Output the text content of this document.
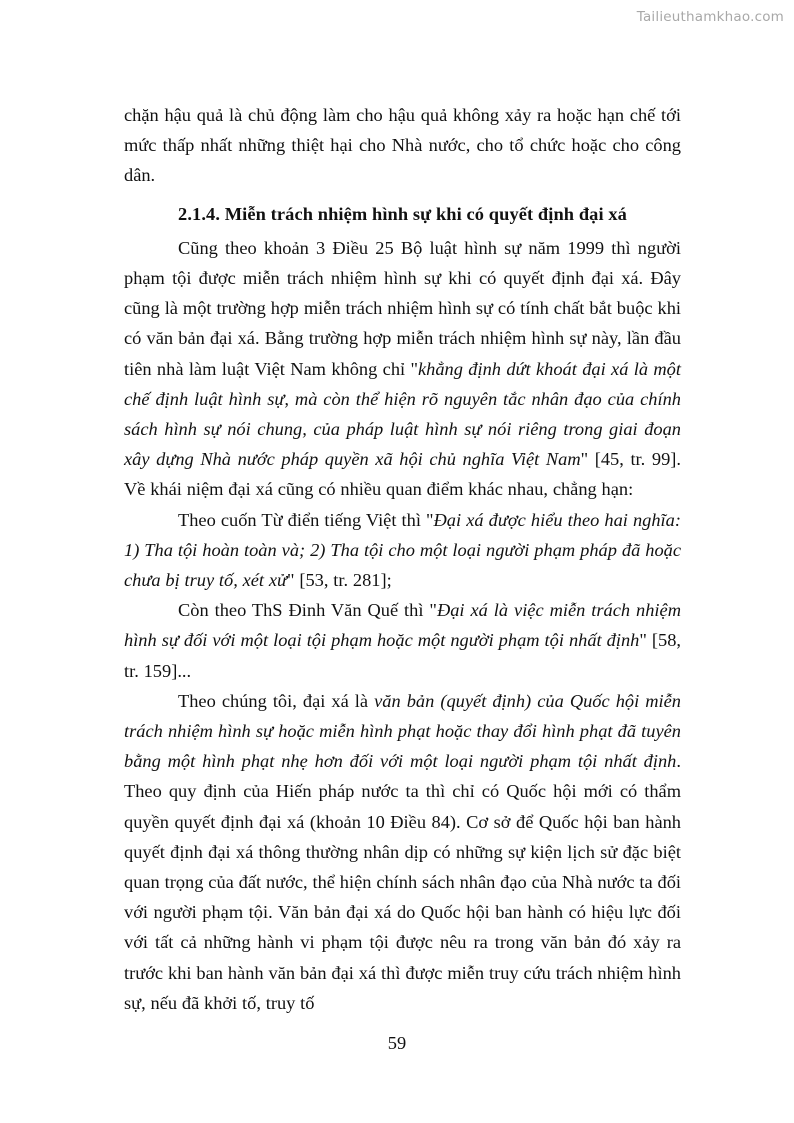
Tailieuthamkhao.com

chặn hậu quả là chủ động làm cho hậu quả không xảy ra hoặc hạn chế tới mức thấp nhất những thiệt hại cho Nhà nước, cho tổ chức hoặc cho công dân.

2.1.4. Miễn trách nhiệm hình sự khi có quyết định đại xá

Cũng theo khoản 3 Điều 25 Bộ luật hình sự năm 1999 thì người phạm tội được miễn trách nhiệm hình sự khi có quyết định đại xá. Đây cũng là một trường hợp miễn trách nhiệm hình sự có tính chất bắt buộc khi có văn bản đại xá. Bằng trường hợp miễn trách nhiệm hình sự này, lần đầu tiên nhà làm luật Việt Nam không chỉ "khẳng định dứt khoát đại xá là một chế định luật hình sự, mà còn thể hiện rõ nguyên tắc nhân đạo của chính sách hình sự nói chung, của pháp luật hình sự nói riêng trong giai đoạn xây dựng Nhà nước pháp quyền xã hội chủ nghĩa Việt Nam" [45, tr. 99]. Về khái niệm đại xá cũng có nhiều quan điểm khác nhau, chẳng hạn:

Theo cuốn Từ điển tiếng Việt thì "Đại xá được hiểu theo hai nghĩa: 1) Tha tội hoàn toàn và; 2) Tha tội cho một loại người phạm pháp đã hoặc chưa bị truy tố, xét xử" [53, tr. 281];

Còn theo ThS Đinh Văn Quế thì "Đại xá là việc miễn trách nhiệm hình sự đối với một loại tội phạm hoặc một người phạm tội nhất định" [58, tr. 159]...

Theo chúng tôi, đại xá là văn bản (quyết định) của Quốc hội miễn trách nhiệm hình sự hoặc miễn hình phạt hoặc thay đổi hình phạt đã tuyên bằng một hình phạt nhẹ hơn đối với một loại người phạm tội nhất định. Theo quy định của Hiến pháp nước ta thì chỉ có Quốc hội mới có thẩm quyền quyết định đại xá (khoản 10 Điều 84). Cơ sở để Quốc hội ban hành quyết định đại xá thông thường nhân dịp có những sự kiện lịch sử đặc biệt quan trọng của đất nước, thể hiện chính sách nhân đạo của Nhà nước ta đối với người phạm tội. Văn bản đại xá do Quốc hội ban hành có hiệu lực đối với tất cả những hành vi phạm tội được nêu ra trong văn bản đó xảy ra trước khi ban hành văn bản đại xá thì được miễn truy cứu trách nhiệm hình sự, nếu đã khởi tố, truy tố

59
